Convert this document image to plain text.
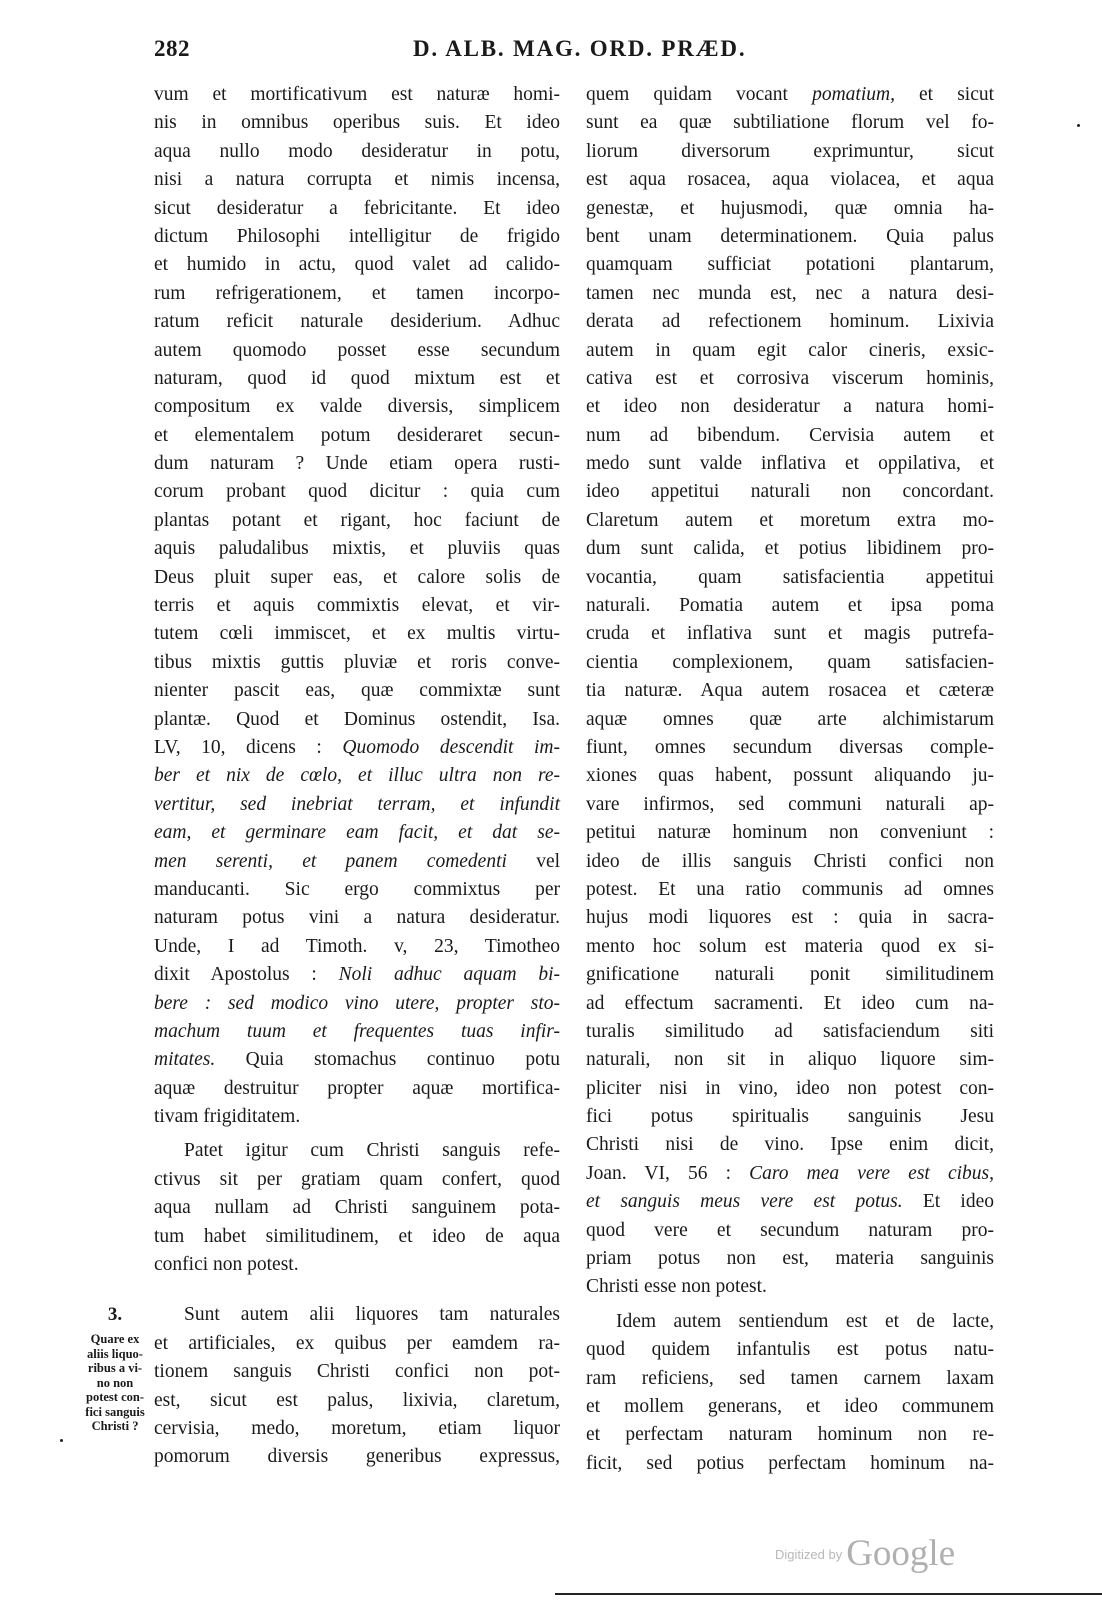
282	D. ALB. MAG. ORD. PRÆD.
vum et mortificativum est naturæ homi-
nis in omnibus operibus suis. Et ideo
aqua nullo modo desideratur in potu,
nisi a natura corrupta et nimis incensa,
sicut desideratur a febricitante. Et ideo
dictum Philosophi intelligitur de frigido
et humido in actu, quod valet ad calido-
rum refrigerationem, et tamen incorpo-
ratum reficit naturale desiderium. Adhuc
autem quomodo posset esse secundum
naturam, quod id quod mixtum est et
compositum ex valde diversis, simplicem
et elementalem potum desideraret secun-
dum naturam ? Unde etiam opera rusti-
corum probant quod dicitur : quia cum
plantas potant et rigant, hoc faciunt de
aquis paludalibus mixtis, et pluviis quas
Deus pluit super eas, et calore solis de
terris et aquis commixtis elevat, et vir-
tutem cœli immiscet, et ex multis virtu-
tibus mixtis guttis pluviæ et roris conve-
nienter pascit eas, quæ commixtæ sunt
plantæ. Quod et Dominus ostendit, Isa.
LV, 10, dicens : Quomodo descendit im-
ber et nix de cœlo, et illuc ultra non re-
vertitur, sed inebriat terram, et infundit
eam, et germinare eam facit, et dat se-
men serenti, et panem comedenti vel
manducanti. Sic ergo commixtus per
naturam potus vini a natura desideratur.
Unde, I ad Timoth. v, 23, Timotheo
dixit Apostolus : Noli adhuc aquam bi-
bere : sed modico vino utere, propter sto-
machum tuum et frequentes tuas infir-
mitates. Quia stomachus continuo potu
aquæ destruitur propter aquæ mortifica-
tivam frigiditatem.
Patet igitur cum Christi sanguis refe-
ctivus sit per gratiam quam confert, quod
aqua nullam ad Christi sanguinem pota-
tum habet similitudinem, et ideo de aqua
confici non potest.
Sunt autem alii liquores tam naturales
et artificiales, ex quibus per eamdem ra-
tionem sanguis Christi confici non pot-
est, sicut est palus, lixivia, claretum,
cervisia, medo, moretum, etiam liquor
pomorum diversis generibus expressus,
3.
Quare ex
aliis liquo-
ribus a vi-
no non
potest con-
fici sanguis
Christi ?
quem quidam vocant pomatium, et sicut
sunt ea quæ subtiliatione florum vel fo-
liorum diversorum exprimuntur, sicut
est aqua rosacea, aqua violacea, et aqua
genestæ, et hujusmodi, quæ omnia ha-
bent unam determinationem. Quia palus
quamquam sufficiat potationi plantarum,
tamen nec munda est, nec a natura desi-
derata ad refectionem hominum. Lixivia
autem in quam egit calor cineris, exsic-
cativa est et corrosiva viscerum hominis,
et ideo non desideratur a natura homi-
num ad bibendum. Cervisia autem et
medo sunt valde inflativa et oppilativa, et
ideo appetitui naturali non concordant.
Claretum autem et moretum extra mo-
dum sunt calida, et potius libidinem pro-
vocantia, quam satisfacientia appetitui
naturali. Pomatia autem et ipsa poma
cruda et inflativa sunt et magis putrefa-
cientia complexionem, quam satisfacien-
tia naturæ. Aqua autem rosacea et cæteræ
aquæ omnes quæ arte alchimistarum
fiunt, omnes secundum diversas comple-
xiones quas habent, possunt aliquando ju-
vare infirmos, sed communi naturali ap-
petitui naturæ hominum non conveniunt :
ideo de illis sanguis Christi confici non
potest. Et una ratio communis ad omnes
hujus modi liquores est : quia in sacra-
mento hoc solum est materia quod ex si-
gnificatione naturali ponit similitudinem
ad effectum sacramenti. Et ideo cum na-
turalis similitudo ad satisfaciendum siti
naturali, non sit in aliquo liquore sim-
pliciter nisi in vino, ideo non potest con-
fici potus spiritualis sanguinis Jesu
Christi nisi de vino. Ipse enim dicit,
Joan. VI, 56 : Caro mea vere est cibus,
et sanguis meus vere est potus. Et ideo
quod vere et secundum naturam pro-
priam potus non est, materia sanguinis
Christi esse non potest.
Idem autem sentiendum est et de lacte,
quod quidem infantulis est potus natu-
ram reficiens, sed tamen carnem laxam
et mollem generans, et ideo communem
et perfectam naturam hominum non re-
ficit, sed potius perfectam hominum na-
$^{Digitized by}$ Google
